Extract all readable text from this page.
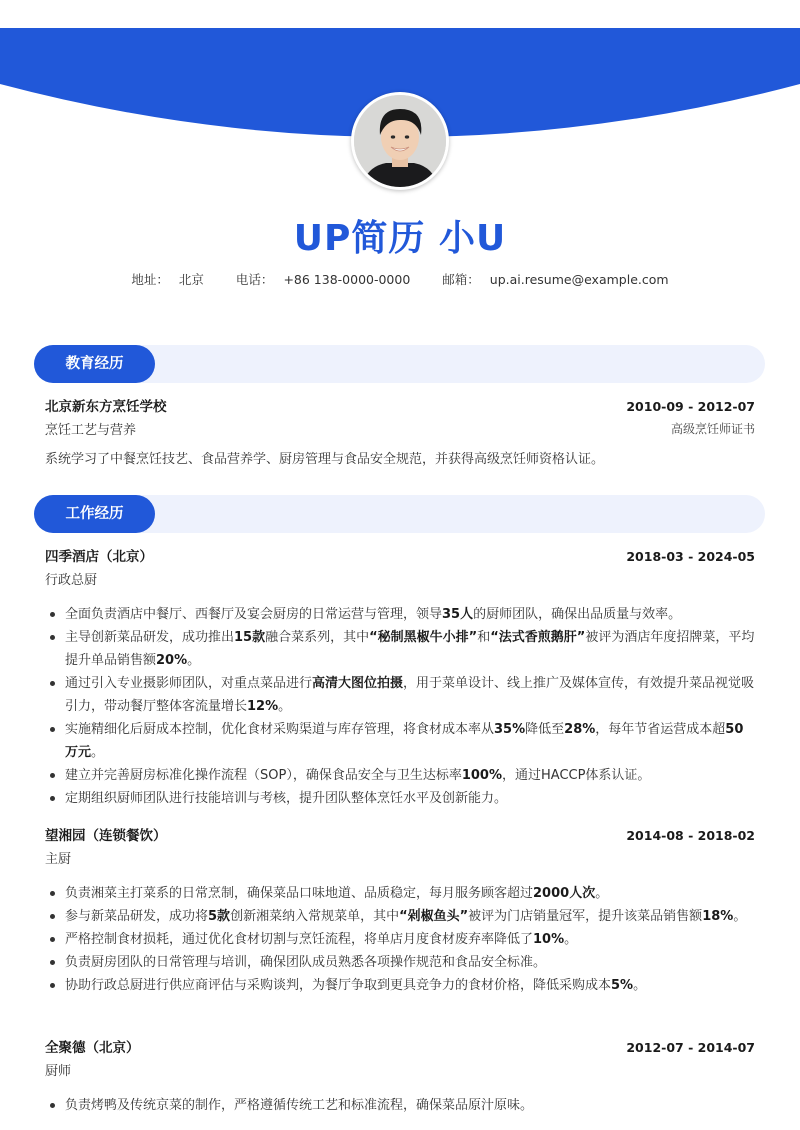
UP简历 小U
地址： 北京	电话： +86 138-0000-0000	邮箱： up.ai.resume@example.com
教育经历
北京新东方烹饪学校	2010-09 - 2012-07
烹饪工艺与营养	高级烹饪师证书
系统学习了中餐烹饪技艺、食品营养学、厨房管理与食品安全规范，并获得高级烹饪师资格认证。
工作经历
四季酒店（北京）	2018-03 - 2024-05
行政总厨
全面负责酒店中餐厅、西餐厅及宴会厨房的日常运营与管理，领导35人的厨师团队，确保出品质量与效率。
主导创新菜品研发，成功推出15款融合菜系列，其中“秘制黑椒牛小排”和“法式香煎鹅肝”被评为酒店年度招牌菜，平均提升单品销售额20%。
通过引入专业摄影师团队，对重点菜品进行高清大图位拍摄，用于菜单设计、线上推广及媒体宣传，有效提升菜品视觉吸引力，带动餐厅整体客流量增长12%。
实施精细化后厨成本控制，优化食材采购渠道与库存管理，将食材成本率从35%降低至28%，每年节省运营成本超50万元。
建立并完善厨房标准化操作流程（SOP），确保食品安全与卫生达标率100%，通过HACCP体系认证。
定期组织厨师团队进行技能培训与考核，提升团队整体烹饪水平及创新能力。
望湘园（连锁餐饮）	2014-08 - 2018-02
主厨
负责湘菜主打菜系的日常烹制，确保菜品口味地道、品质稳定，每月服务顾客超过2000人次。
参与新菜品研发，成功将5款创新湘菜纳入常规菜单，其中“剁椒鱼头”被评为门店销量冠军，提升该菜品销售额18%。
严格控制食材损耗，通过优化食材切割与烹饪流程，将单店月度食材废弃率降低了10%。
负责厨房团队的日常管理与培训，确保团队成员熟悉各项操作规范和食品安全标准。
协助行政总厨进行供应商评估与采购谈判，为餐厅争取到更具竞争力的食材价格，降低采购成本5%。
全聚德（北京）	2012-07 - 2014-07
厨师
负责烤鸭及传统京菜的制作，严格遵循传统工艺和标准流程，确保菜品原汁原味。
